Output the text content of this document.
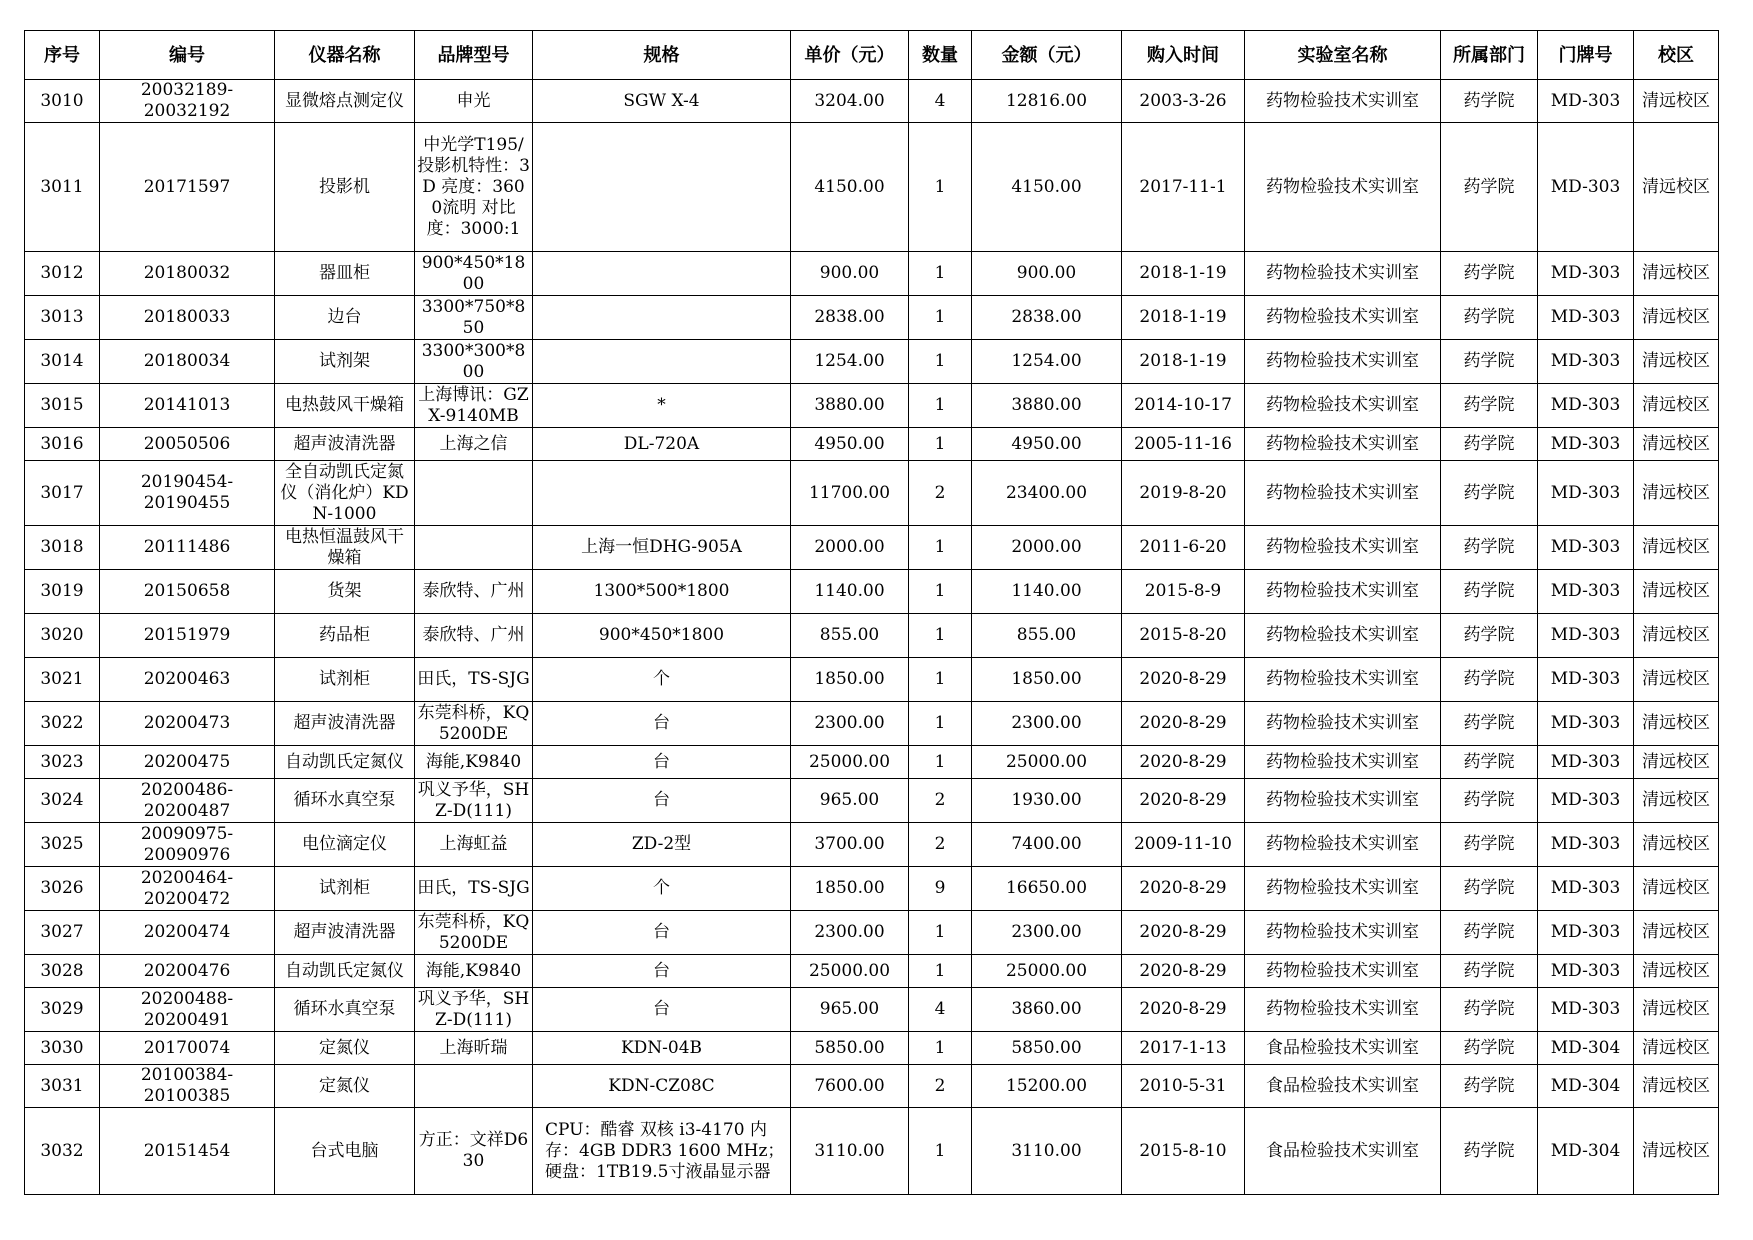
序号	编号	仪器名称	品牌型号	规格	单价（元）	数量	金额（元）	购入时间	实验室名称	所属部门	门牌号	校区
3010	20032189-20032192	显微熔点测定仪	申光	SGW X-4	3204.00	4	12816.00	2003-3-26	药物检验技术实训室	药学院	MD-303	清远校区
3011	20171597	投影机	中光学T195/投影机特性：3D 亮度：3600流明 对比度：3000:1		4150.00	1	4150.00	2017-11-1	药物检验技术实训室	药学院	MD-303	清远校区
3012	20180032	器皿柜	900*450*1800		900.00	1	900.00	2018-1-19	药物检验技术实训室	药学院	MD-303	清远校区
3013	20180033	边台	3300*750*850		2838.00	1	2838.00	2018-1-19	药物检验技术实训室	药学院	MD-303	清远校区
3014	20180034	试剂架	3300*300*800		1254.00	1	1254.00	2018-1-19	药物检验技术实训室	药学院	MD-303	清远校区
3015	20141013	电热鼓风干燥箱	上海博讯：GZX-9140MB	*	3880.00	1	3880.00	2014-10-17	药物检验技术实训室	药学院	MD-303	清远校区
3016	20050506	超声波清洗器	上海之信	DL-720A	4950.00	1	4950.00	2005-11-16	药物检验技术实训室	药学院	MD-303	清远校区
3017	20190454-20190455	全自动凯氏定氮仪（消化炉）KDN-1000			11700.00	2	23400.00	2019-8-20	药物检验技术实训室	药学院	MD-303	清远校区
3018	20111486	电热恒温鼓风干燥箱		上海一恒DHG-905A	2000.00	1	2000.00	2011-6-20	药物检验技术实训室	药学院	MD-303	清远校区
3019	20150658	货架	泰欣特、广州	1300*500*1800	1140.00	1	1140.00	2015-8-9	药物检验技术实训室	药学院	MD-303	清远校区
3020	20151979	药品柜	泰欣特、广州	900*450*1800	855.00	1	855.00	2015-8-20	药物检验技术实训室	药学院	MD-303	清远校区
3021	20200463	试剂柜	田氏，TS-SJG	个	1850.00	1	1850.00	2020-8-29	药物检验技术实训室	药学院	MD-303	清远校区
3022	20200473	超声波清洗器	东莞科桥，KQ5200DE	台	2300.00	1	2300.00	2020-8-29	药物检验技术实训室	药学院	MD-303	清远校区
3023	20200475	自动凯氏定氮仪	海能,K9840	台	25000.00	1	25000.00	2020-8-29	药物检验技术实训室	药学院	MD-303	清远校区
3024	20200486-20200487	循环水真空泵	巩义予华，SHZ-D(111)	台	965.00	2	1930.00	2020-8-29	药物检验技术实训室	药学院	MD-303	清远校区
3025	20090975-20090976	电位滴定仪	上海虹益	ZD-2型	3700.00	2	7400.00	2009-11-10	药物检验技术实训室	药学院	MD-303	清远校区
3026	20200464-20200472	试剂柜	田氏，TS-SJG	个	1850.00	9	16650.00	2020-8-29	药物检验技术实训室	药学院	MD-303	清远校区
3027	20200474	超声波清洗器	东莞科桥，KQ5200DE	台	2300.00	1	2300.00	2020-8-29	药物检验技术实训室	药学院	MD-303	清远校区
3028	20200476	自动凯氏定氮仪	海能,K9840	台	25000.00	1	25000.00	2020-8-29	药物检验技术实训室	药学院	MD-303	清远校区
3029	20200488-20200491	循环水真空泵	巩义予华，SHZ-D(111)	台	965.00	4	3860.00	2020-8-29	药物检验技术实训室	药学院	MD-303	清远校区
3030	20170074	定氮仪	上海昕瑞	KDN-04B	5850.00	1	5850.00	2017-1-13	食品检验技术实训室	药学院	MD-304	清远校区
3031	20100384-20100385	定氮仪		KDN-CZ08C	7600.00	2	15200.00	2010-5-31	食品检验技术实训室	药学院	MD-304	清远校区
3032	20151454	台式电脑	方正：文祥D630	CPU：酷睿 双核 i3-4170 内存：4GB DDR3 1600 MHz；硬盘：1TB19.5寸液晶显示器	3110.00	1	3110.00	2015-8-10	食品检验技术实训室	药学院	MD-304	清远校区
